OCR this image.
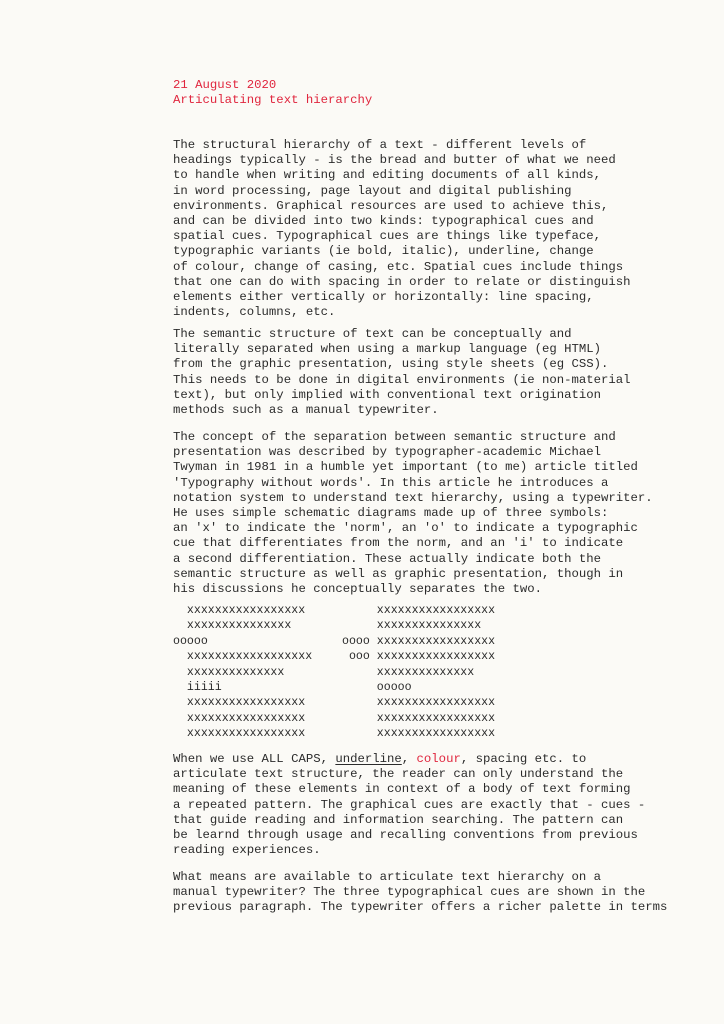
21 August 2020
Articulating text hierarchy
The structural hierarchy of a text - different levels of
headings typically - is the bread and butter of what we need
to handle when writing and editing documents of all kinds,
in word processing, page layout and digital publishing
environments. Graphical resources are used to achieve this,
and can be divided into two kinds: typographical cues and
spatial cues. Typographical cues are things like typeface,
typographic variants (ie bold, italic), underline, change
of colour, change of casing, etc. Spatial cues include things
that one can do with spacing in order to relate or distinguish
elements either vertically or horizontally: line spacing,
indents, columns, etc.
The semantic structure of text can be conceptually and
literally separated when using a markup language (eg HTML)
from the graphic presentation, using style sheets (eg CSS).
This needs to be done in digital environments (ie non-material
text), but only implied with conventional text origination
methods such as a manual typewriter.
The concept of the separation between semantic structure and
presentation was described by typographer-academic Michael
Twyman in 1981 in a humble yet important (to me) article titled
'Typography without words'. In this article he introduces a
notation system to understand text hierarchy, using a typewriter.
He uses simple schematic diagrams made up of three symbols:
an 'x' to indicate the 'norm', an 'o' to indicate a typographic
cue that differentiates from the norm, and an 'i' to indicate
a second differentiation. These actually indicate both the
semantic structure as well as graphic presentation, though in
his discussions he conceptually separates the two.
xxxxxxxxxxxxxxxxx
xxxxxxxxxxxxxxx
ooooo
xxxxxxxxxxxxxxxxxx
xxxxxxxxxxxxxx
iiiii
xxxxxxxxxxxxxxxxx
xxxxxxxxxxxxxxxxx
xxxxxxxxxxxxxxxxx
xxxxxxxxxxxxxxxxx
xxxxxxxxxxxxxxx
oooo xxxxxxxxxxxxxxxxx
ooo xxxxxxxxxxxxxxxxx
xxxxxxxxxxxxxx
ooooo
xxxxxxxxxxxxxxxxx
xxxxxxxxxxxxxxxxx
xxxxxxxxxxxxxxxxx
When we use ALL CAPS, underline, colour, spacing etc. to
articulate text structure, the reader can only understand the
meaning of these elements in context of a body of text forming
a repeated pattern. The graphical cues are exactly that - cues -
that guide reading and information searching. The pattern can
be learnd through usage and recalling conventions from previous
reading experiences.
What means are available to articulate text hierarchy on a
manual typewriter? The three typographical cues are shown in the
previous paragraph. The typewriter offers a richer palette in terms
